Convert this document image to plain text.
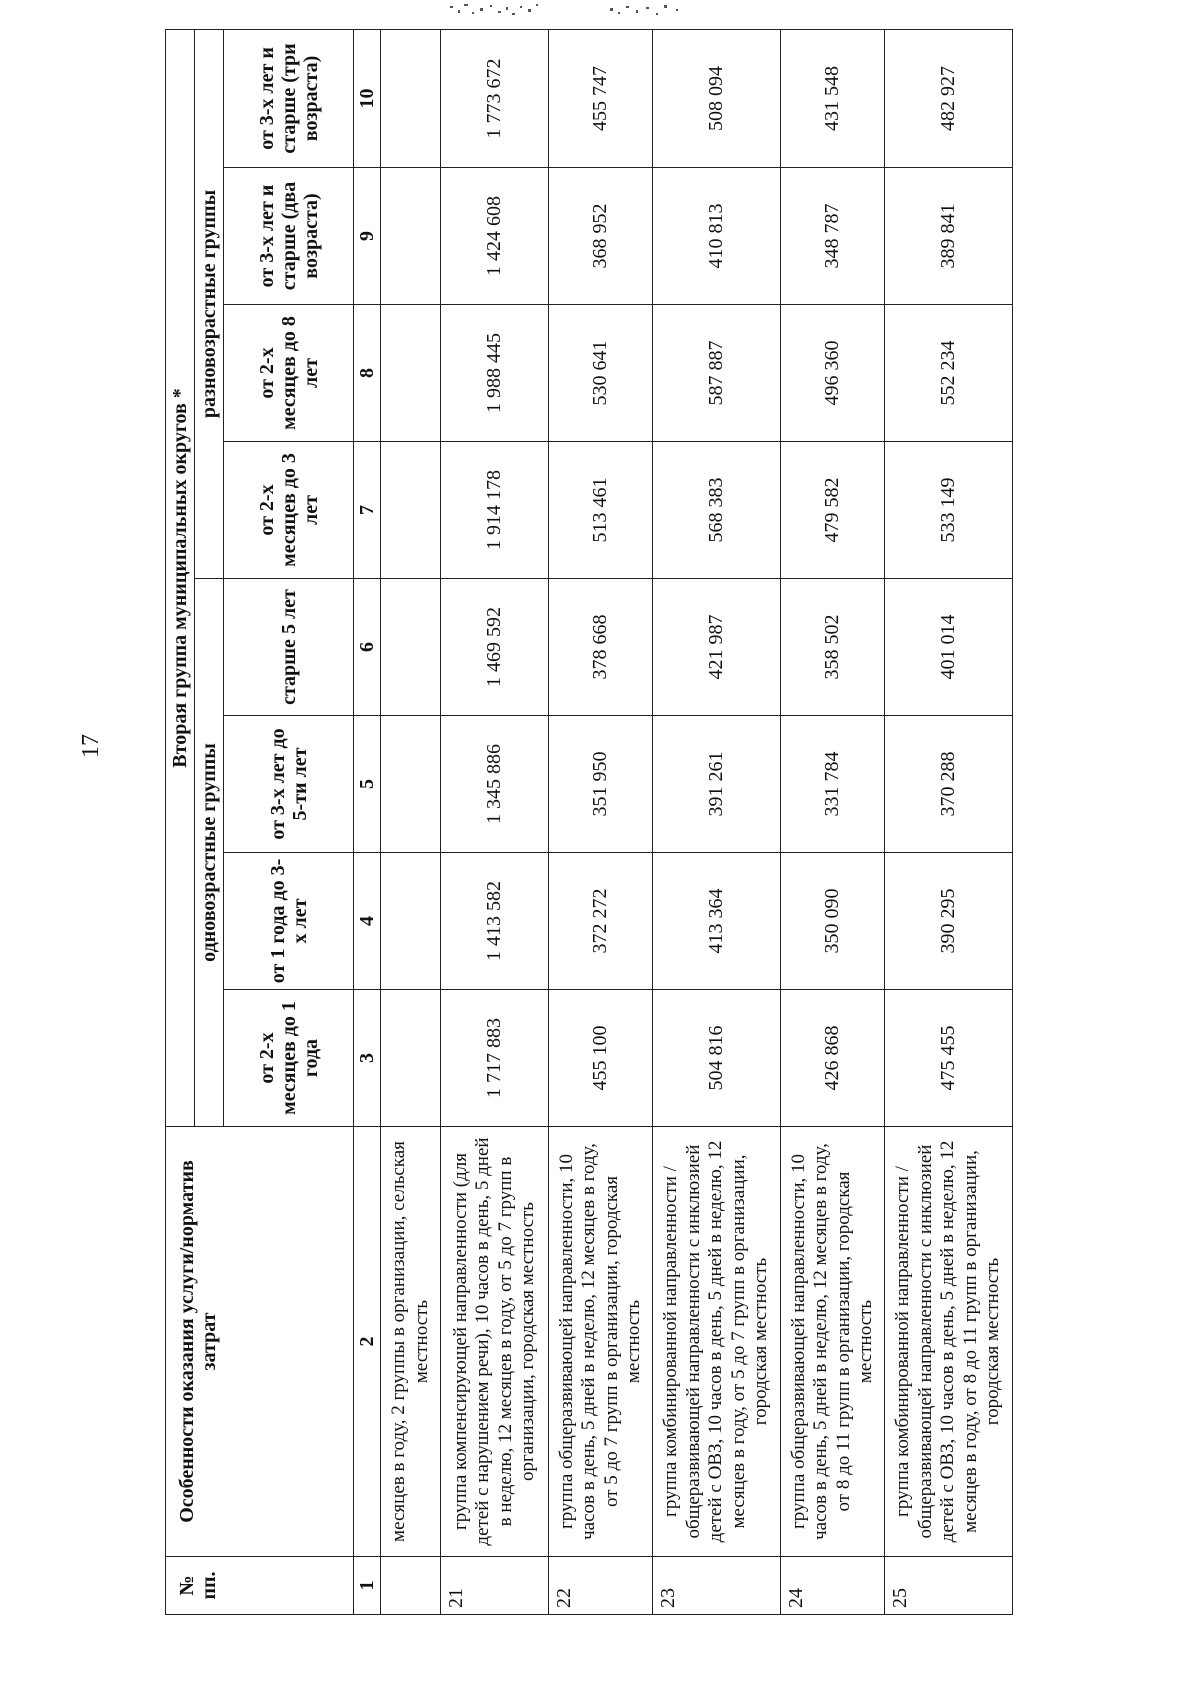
17
№ пп.	Особенности оказания услуги/норматив затрат	Вторая группа муниципальных округов *							
		одновозрастные группы				разновозрастные группы			
		от 2-х месяцев до 1 года	от 1 года до 3-х лет	от 3-х лет до 5-ти лет	старше 5 лет	от 2-х месяцев до 3 лет	от 2-х месяцев до 8 лет	от 3-х лет и старше (два возраста)	от 3-х лет и старше (три возраста)
1	2	3	4	5	6	7	8	9	10
	месяцев в году, 2 группы в организации, сельская местность								
21	группа компенсирующей направленности (для детей с нарушением речи), 10 часов в день, 5 дней в неделю, 12 месяцев в году, от 5 до 7 групп в организации, городская местность	1 717 883	1 413 582	1 345 886	1 469 592	1 914 178	1 988 445	1 424 608	1 773 672
22	группа общеразвивающей направленности, 10 часов в день, 5 дней в неделю, 12 месяцев в году, от 5 до 7 групп в организации, городская местность	455 100	372 272	351 950	378 668	513 461	530 641	368 952	455 747
23	группа комбинированной направленности / общеразвивающей направленности с инклюзией детей с ОВЗ, 10 часов в день, 5 дней в неделю, 12 месяцев в году, от 5 до 7 групп в организации, городская местность	504 816	413 364	391 261	421 987	568 383	587 887	410 813	508 094
24	группа общеразвивающей направленности, 10 часов в день, 5 дней в неделю, 12 месяцев в году, от 8 до 11 групп в организации, городская местность	426 868	350 090	331 784	358 502	479 582	496 360	348 787	431 548
25	группа комбинированной направленности / общеразвивающей направленности с инклюзией детей с ОВЗ, 10 часов в день, 5 дней в неделю, 12 месяцев в году, от 8 до 11 групп в организации, городская местность	475 455	390 295	370 288	401 014	533 149	552 234	389 841	482 927
